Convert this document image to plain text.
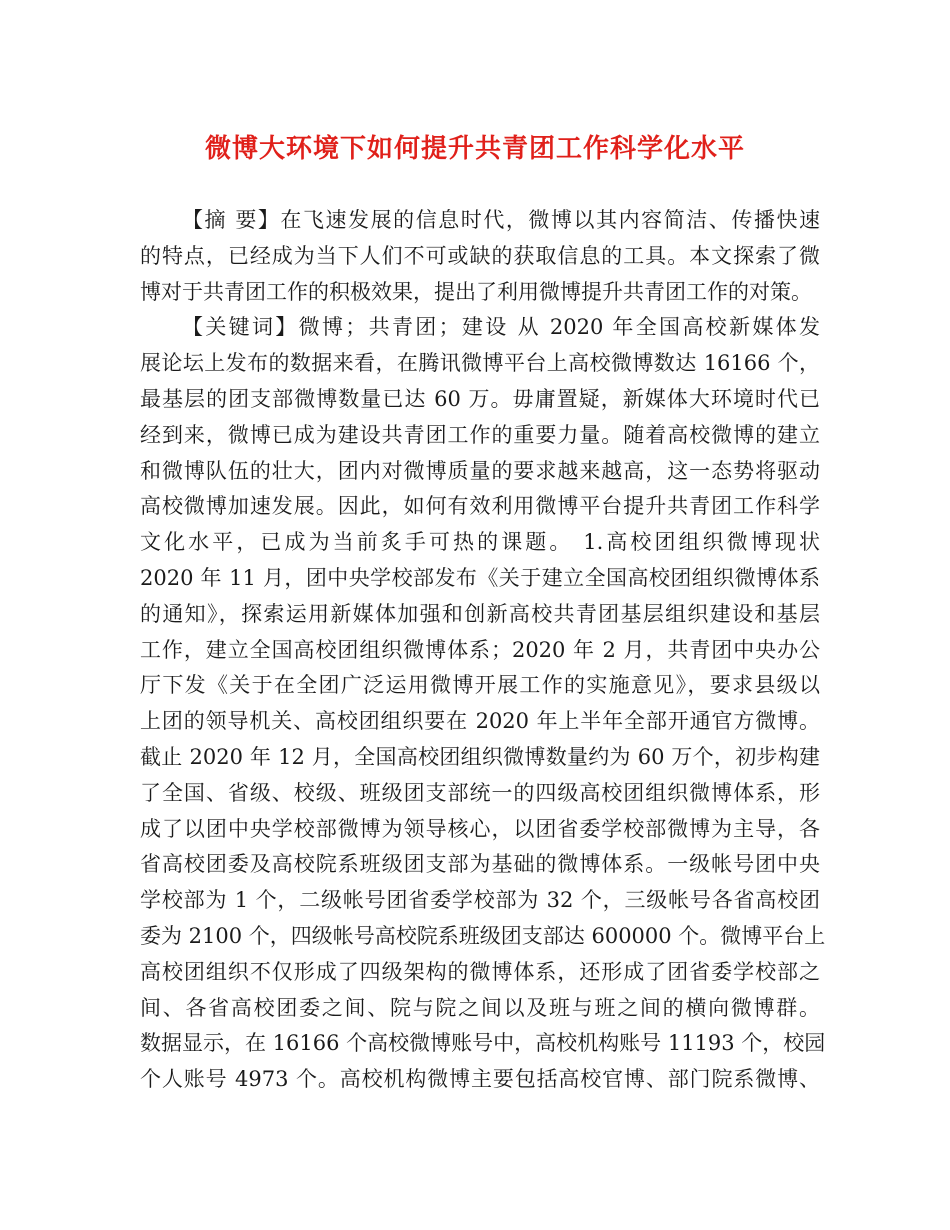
微博大环境下如何提升共青团工作科学化水平
【摘 要】在飞速发展的信息时代，微博以其内容简洁、传播快速
的特点，已经成为当下人们不可或缺的获取信息的工具。本文探索了微
博对于共青团工作的积极效果，提出了利用微博提升共青团工作的对策。
【关键词】微博；共青团；建设 从 2020 年全国高校新媒体发
展论坛上发布的数据来看，在腾讯微博平台上高校微博数达 16166 个，
最基层的团支部微博数量已达 60 万。毋庸置疑，新媒体大环境时代已
经到来，微博已成为建设共青团工作的重要力量。随着高校微博的建立
和微博队伍的壮大，团内对微博质量的要求越来越高，这一态势将驱动
高校微博加速发展。因此，如何有效利用微博平台提升共青团工作科学
文化水平，已成为当前炙手可热的课题。 1.高校团组织微博现状
2020 年 11 月，团中央学校部发布《关于建立全国高校团组织微博体系
的通知》，探索运用新媒体加强和创新高校共青团基层组织建设和基层
工作，建立全国高校团组织微博体系；2020 年 2 月，共青团中央办公
厅下发《关于在全团广泛运用微博开展工作的实施意见》，要求县级以
上团的领导机关、高校团组织要在 2020 年上半年全部开通官方微博。
截止 2020 年 12 月，全国高校团组织微博数量约为 60 万个，初步构建
了全国、省级、校级、班级团支部统一的四级高校团组织微博体系，形
成了以团中央学校部微博为领导核心，以团省委学校部微博为主导，各
省高校团委及高校院系班级团支部为基础的微博体系。一级帐号团中央
学校部为 1 个，二级帐号团省委学校部为 32 个，三级帐号各省高校团
委为 2100 个，四级帐号高校院系班级团支部达 600000 个。微博平台上
高校团组织不仅形成了四级架构的微博体系，还形成了团省委学校部之
间、各省高校团委之间、院与院之间以及班与班之间的横向微博群。
数据显示，在 16166 个高校微博账号中，高校机构账号 11193 个，校园
个人账号 4973 个。高校机构微博主要包括高校官博、部门院系微博、
